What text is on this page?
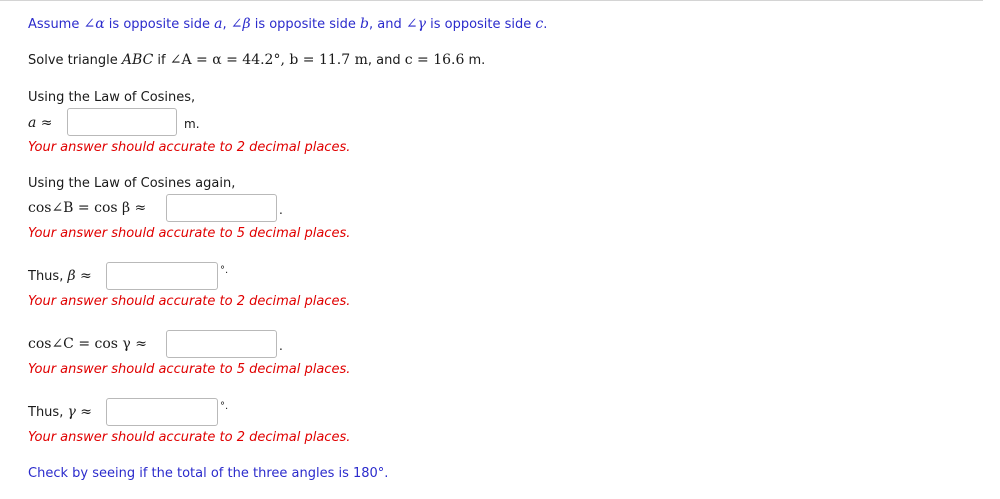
Assume ∠α is opposite side a, ∠β is opposite side b, and ∠γ is opposite side c.
Solve triangle ABC if ∠A = α = 44.2°, b = 11.7 m, and c = 16.6 m.
Using the Law of Cosines,
a ≈	m.
Your answer should accurate to 2 decimal places.
Using the Law of Cosines again,
cos∠B = cos β ≈	.
Your answer should accurate to 5 decimal places.
Thus, β ≈	°.
Your answer should accurate to 2 decimal places.
cos∠C = cos γ ≈	.
Your answer should accurate to 5 decimal places.
Thus, γ ≈	°.
Your answer should accurate to 2 decimal places.
Check by seeing if the total of the three angles is 180°.
